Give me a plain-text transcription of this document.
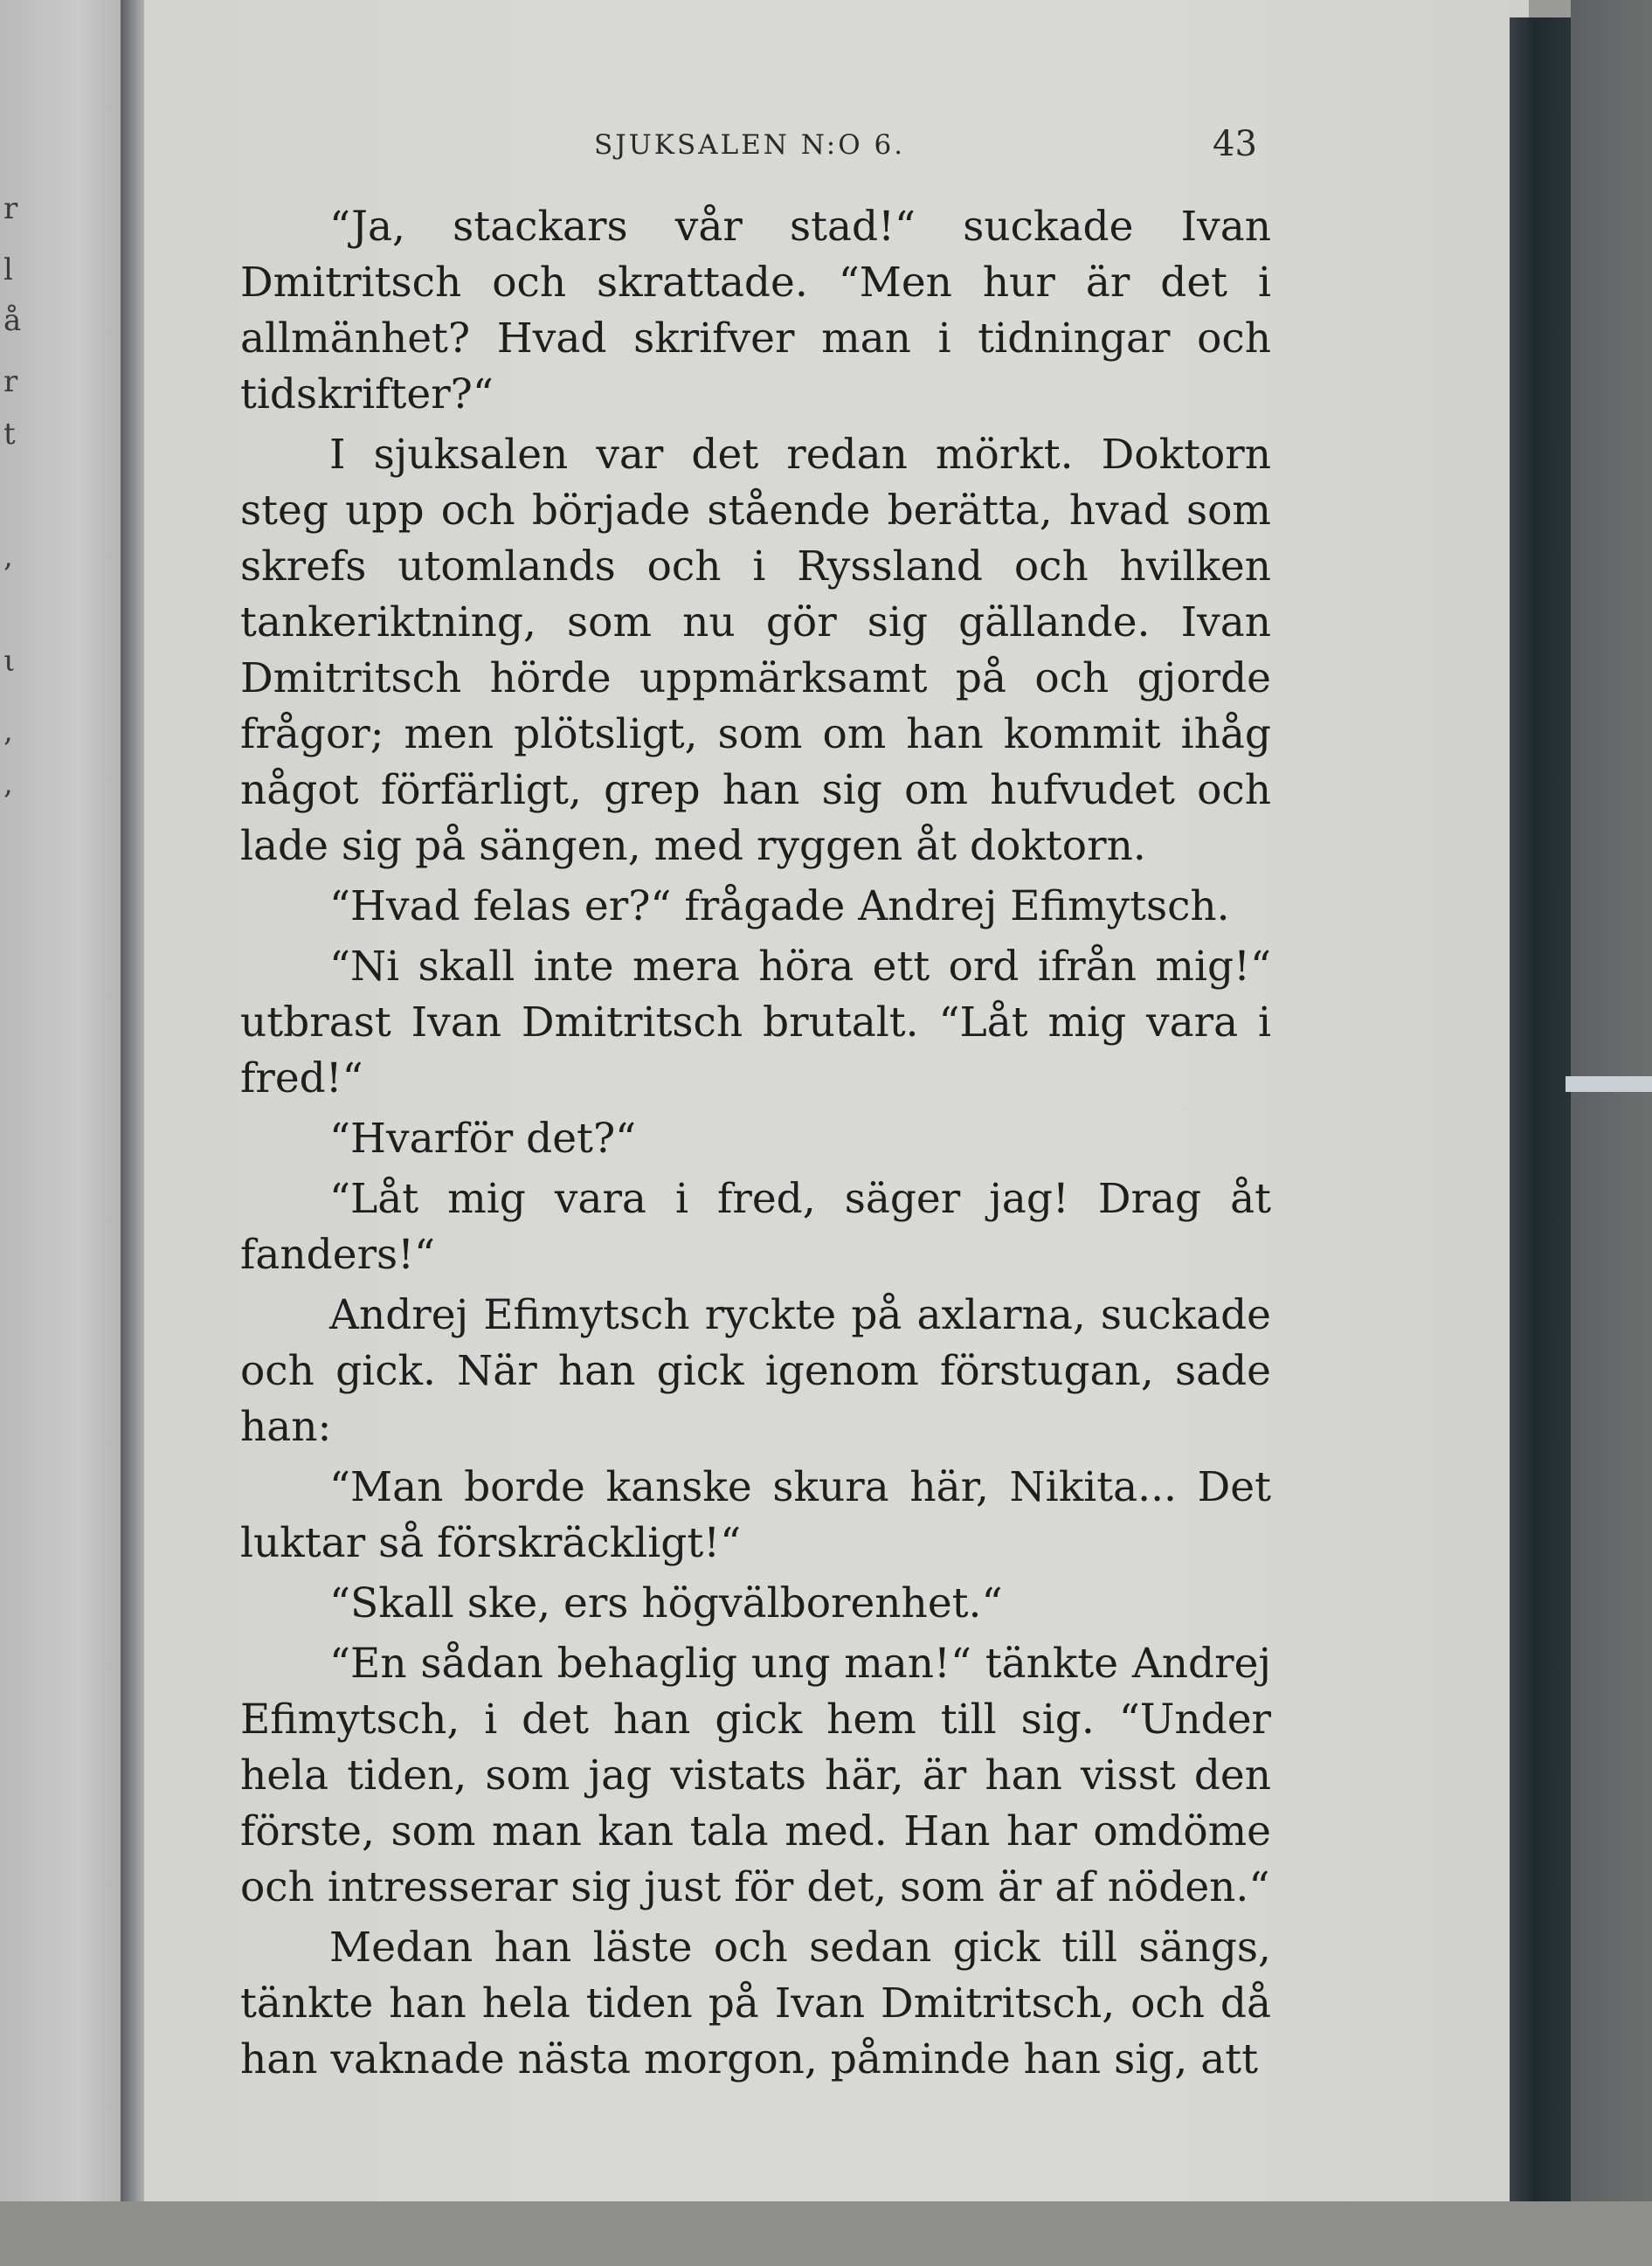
r
l
å
r
t
,
ι
,
,
SJUKSALEN N:O 6.	43

“Ja, stackars vår stad!“ suckade Ivan Dmitritsch och skrattade. “Men hur är det i allmänhet? Hvad skrifver man i tidningar och tidskrifter?“

I sjuksalen var det redan mörkt. Doktorn steg upp och började stående berätta, hvad som skrefs utomlands och i Ryssland och hvilken tankeriktning, som nu gör sig gällande. Ivan Dmitritsch hörde uppmärksamt på och gjorde frågor; men plötsligt, som om han kommit ihåg något förfärligt, grep han sig om hufvudet och lade sig på sängen, med ryggen åt doktorn.

“Hvad felas er?“ frågade Andrej Efimytsch.

“Ni skall inte mera höra ett ord ifrån mig!“ utbrast Ivan Dmitritsch brutalt. “Låt mig vara i fred!“

“Hvarför det?“

“Låt mig vara i fred, säger jag! Drag åt fanders!“

Andrej Efimytsch ryckte på axlarna, suckade och gick. När han gick igenom förstugan, sade han:

“Man borde kanske skura här, Nikita... Det luktar så förskräckligt!“

“Skall ske, ers högvälborenhet.“

“En sådan behaglig ung man!“ tänkte Andrej Efimytsch, i det han gick hem till sig. “Under hela tiden, som jag vistats här, är han visst den förste, som man kan tala med. Han har omdöme och intresserar sig just för det, som är af nöden.“

Medan han läste och sedan gick till sängs, tänkte han hela tiden på Ivan Dmitritsch, och då han vaknade nästa morgon, påminde han sig, att
